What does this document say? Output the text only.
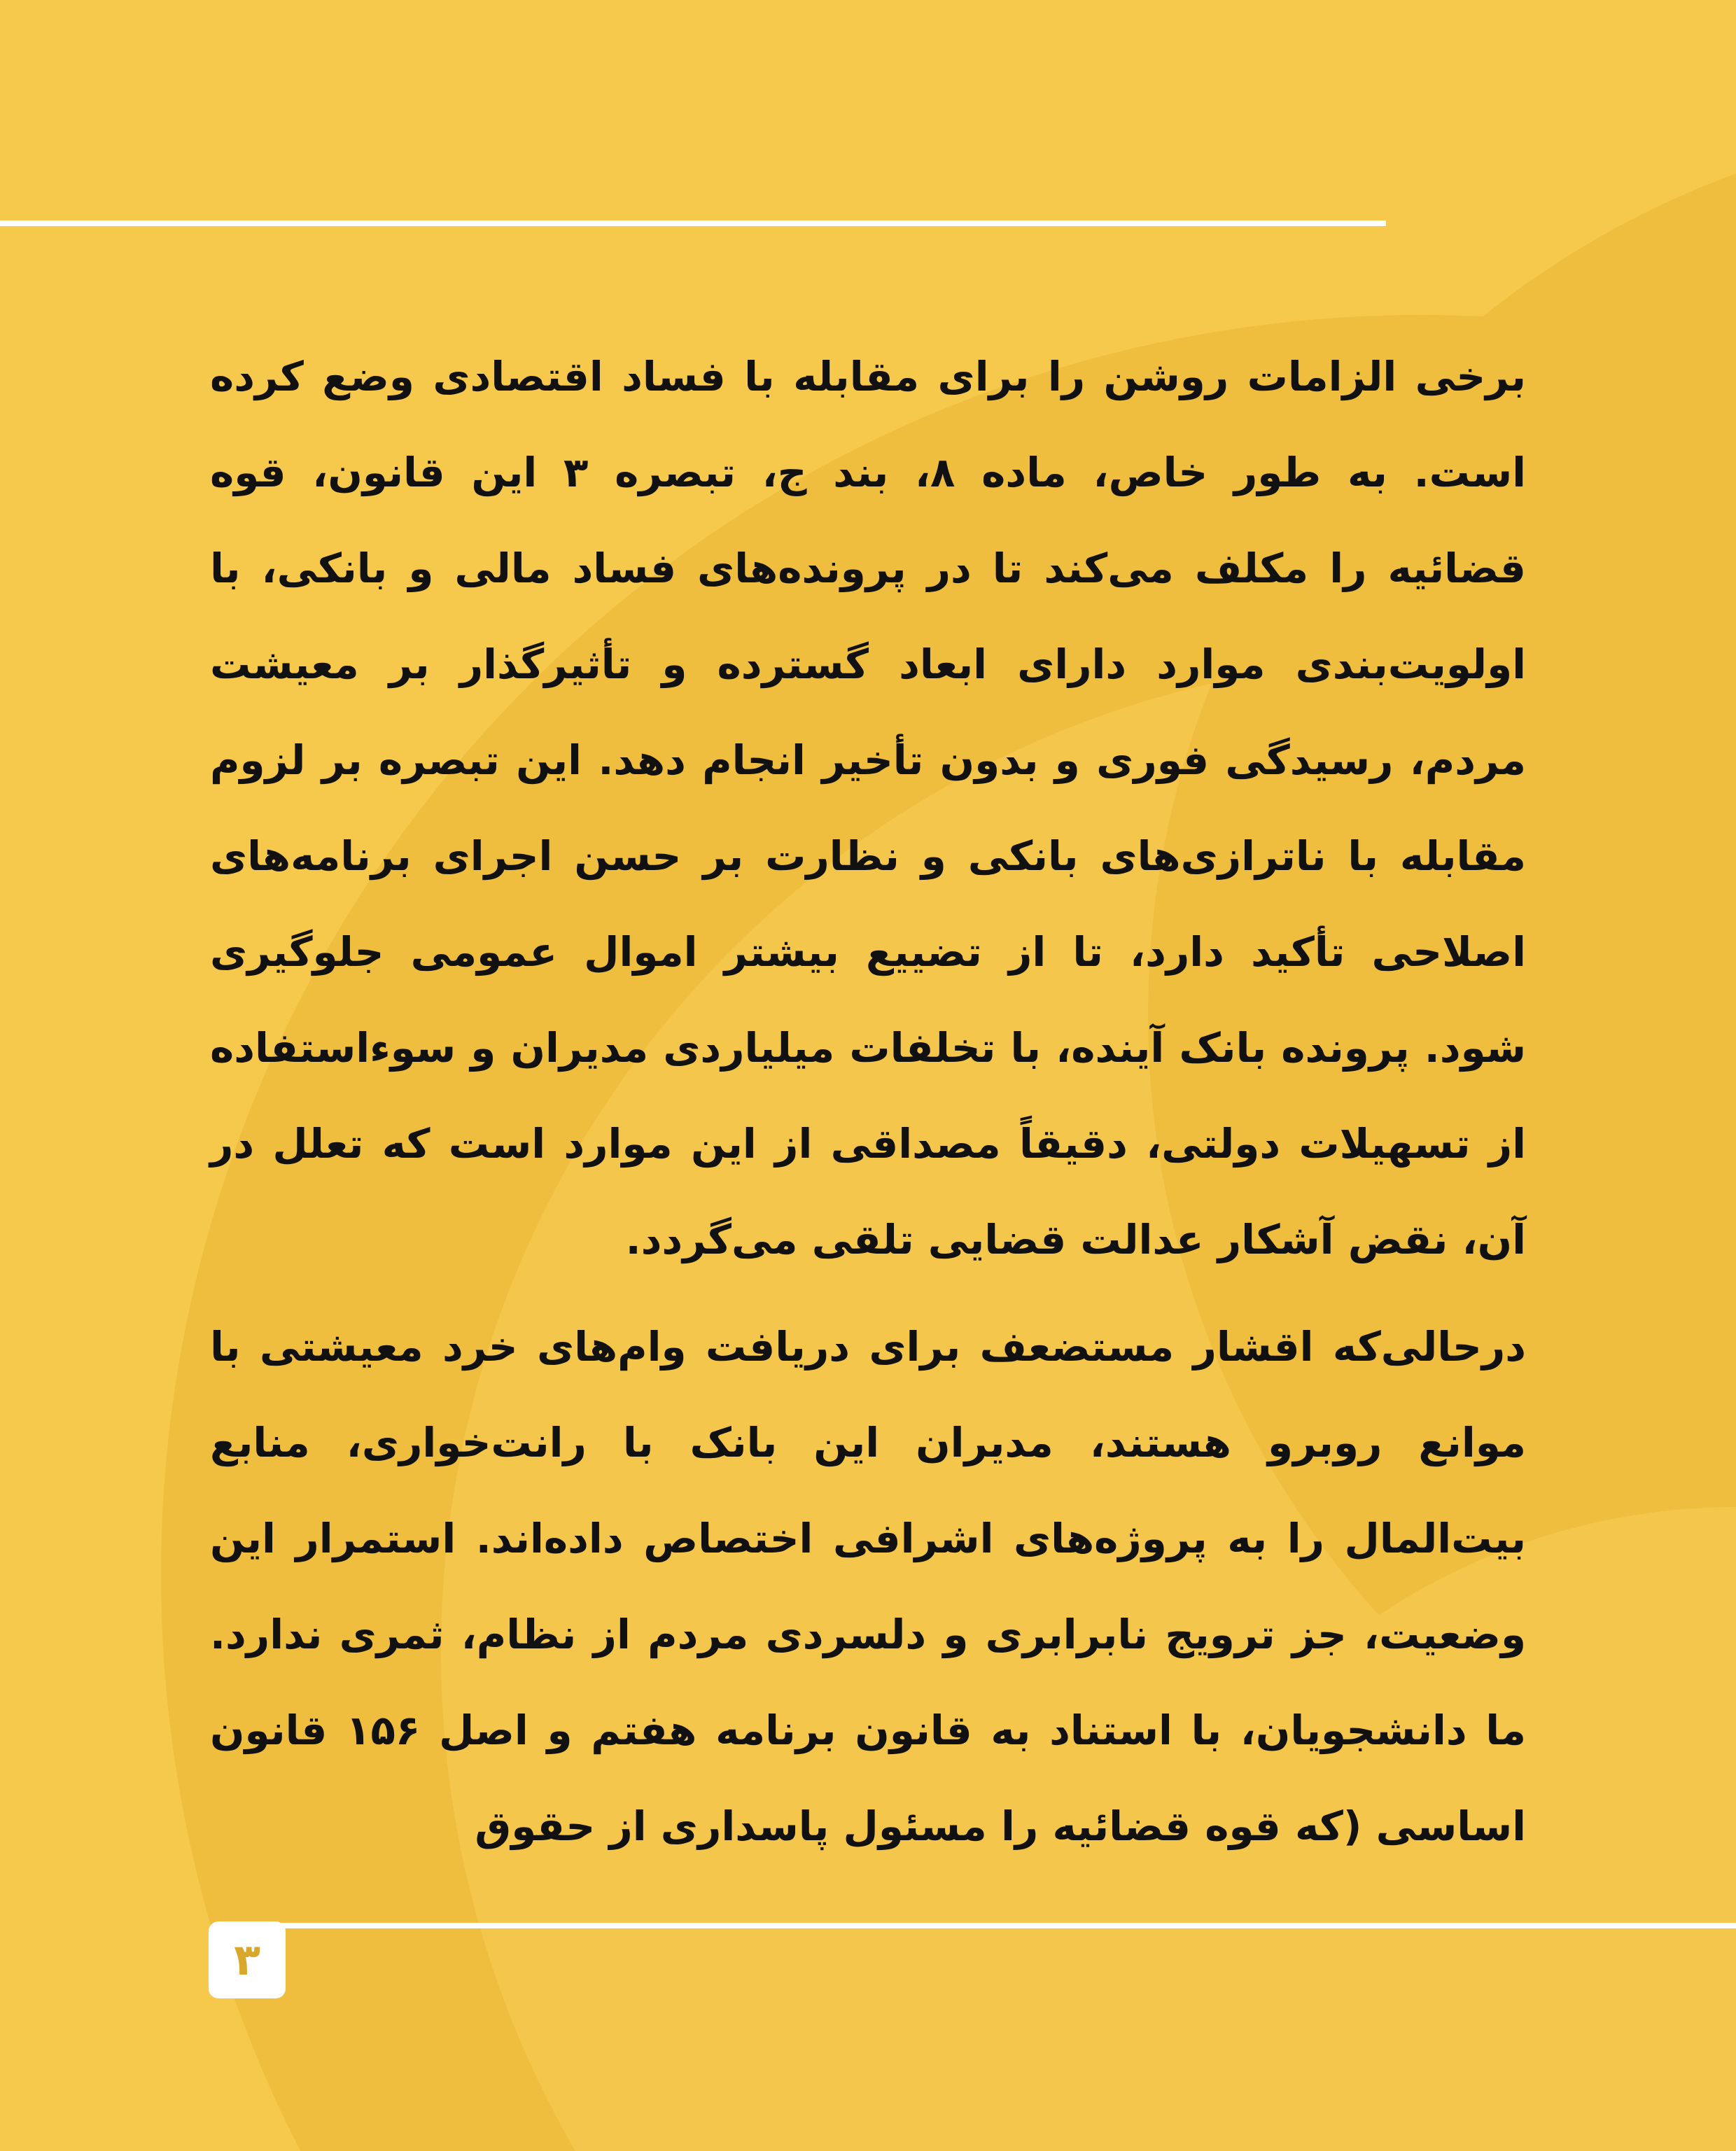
برخی الزامات روشن را برای مقابله با فساد اقتصادی وضع کرده است. به طور خاص، ماده ۸، بند ج، تبصره ۳ این قانون، قوه قضائیه را مکلف می‌کند تا در پرونده‌های فساد مالی و بانکی، با اولویت‌بندی موارد دارای ابعاد گسترده و تأثیرگذار بر معیشت مردم، رسیدگی فوری و بدون تأخیر انجام دهد. این تبصره بر لزوم مقابله با ناترازی‌های بانکی و نظارت بر حسن اجرای برنامه‌های اصلاحی تأکید دارد، تا از تضییع بیشتر اموال عمومی جلوگیری شود. پرونده بانک آینده، با تخلفات میلیاردی مدیران و سوءاستفاده از تسهیلات دولتی، دقیقاً مصداقی از این موارد است که تعلل در آن، نقض آشکار عدالت قضایی تلقی می‌گردد.

درحالی‌که اقشار مستضعف برای دریافت وام‌های خرد معیشتی با موانع روبرو هستند، مدیران این بانک با رانت‌خواری، منابع بیت‌المال را به پروژه‌های اشرافی اختصاص داده‌اند. استمرار این وضعیت، جز ترویج نابرابری و دلسردی مردم از نظام، ثمری ندارد. ما دانشجویان، با استناد به قانون برنامه هفتم و اصل ۱۵۶ قانون اساسی (که قوه قضائیه را مسئول پاسداری از حقوق

۳
